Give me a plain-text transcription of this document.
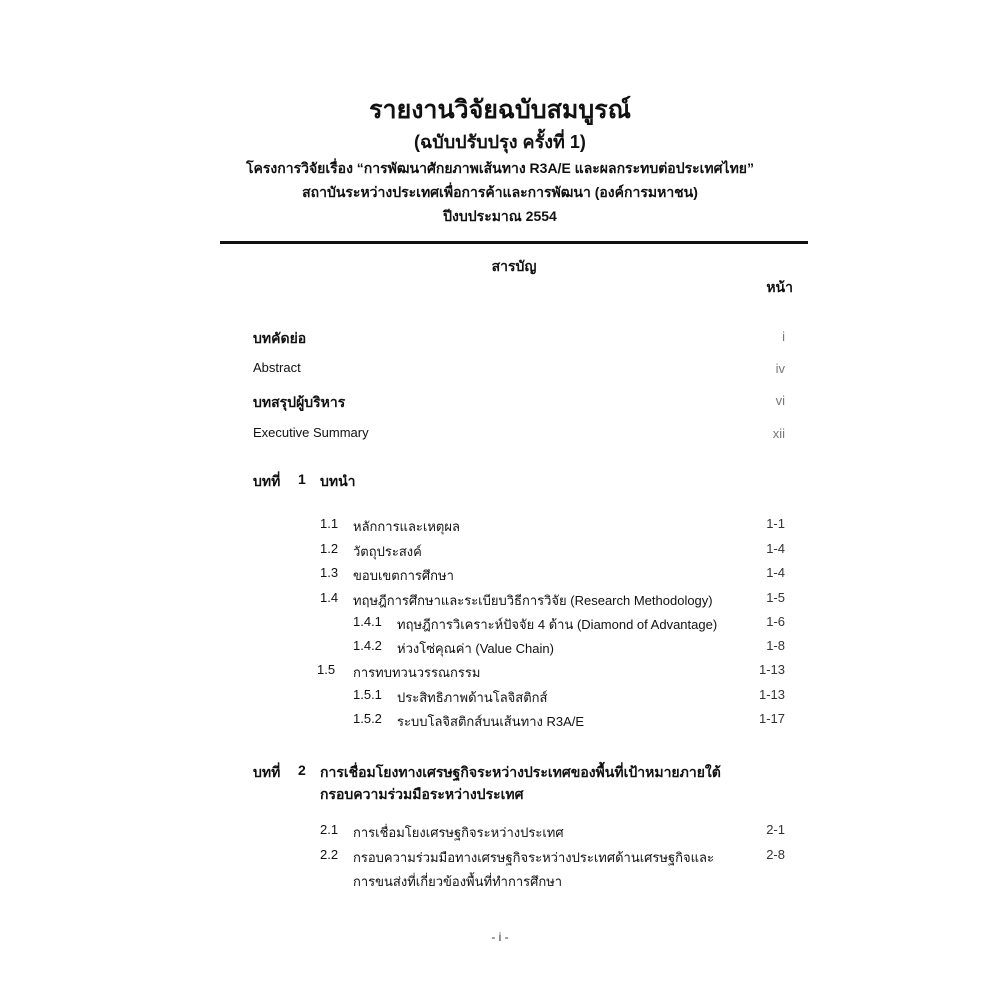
รายงานวิจัยฉบับสมบูรณ์
(ฉบับปรับปรุง ครั้งที่ 1)
โครงการวิจัยเรื่อง “การพัฒนาศักยภาพเส้นทาง R3A/E และผลกระทบต่อประเทศไทย”
สถาบันระหว่างประเทศเพื่อการค้าและการพัฒนา (องค์การมหาชน)
ปีงบประมาณ 2554
สารบัญ
หน้า
บทคัดย่อ	i
Abstract	iv
บทสรุปผู้บริหาร	vi
Executive Summary	xii
บทที่ 1 บทนำ
1.1 หลักการและเหตุผล	1-1
1.2 วัตถุประสงค์	1-4
1.3 ขอบเขตการศึกษา	1-4
1.4 ทฤษฎีการศึกษาและระเบียบวิธีการวิจัย (Research Methodology)	1-5
1.4.1 ทฤษฎีการวิเคราะห์ปัจจัย 4 ด้าน (Diamond of Advantage)	1-6
1.4.2 ห่วงโซ่คุณค่า (Value Chain)	1-8
1.5 การทบทวนวรรณกรรม	1-13
1.5.1 ประสิทธิภาพด้านโลจิสติกส์	1-13
1.5.2 ระบบโลจิสติกส์บนเส้นทาง R3A/E	1-17
บทที่ 2 การเชื่อมโยงทางเศรษฐกิจระหว่างประเทศของพื้นที่เป้าหมายภายใต้
กรอบความร่วมมือระหว่างประเทศ
2.1 การเชื่อมโยงเศรษฐกิจระหว่างประเทศ	2-1
2.2 กรอบความร่วมมือทางเศรษฐกิจระหว่างประเทศด้านเศรษฐกิจและ	2-8
การขนส่งที่เกี่ยวข้องพื้นที่ทำการศึกษา
- i -
